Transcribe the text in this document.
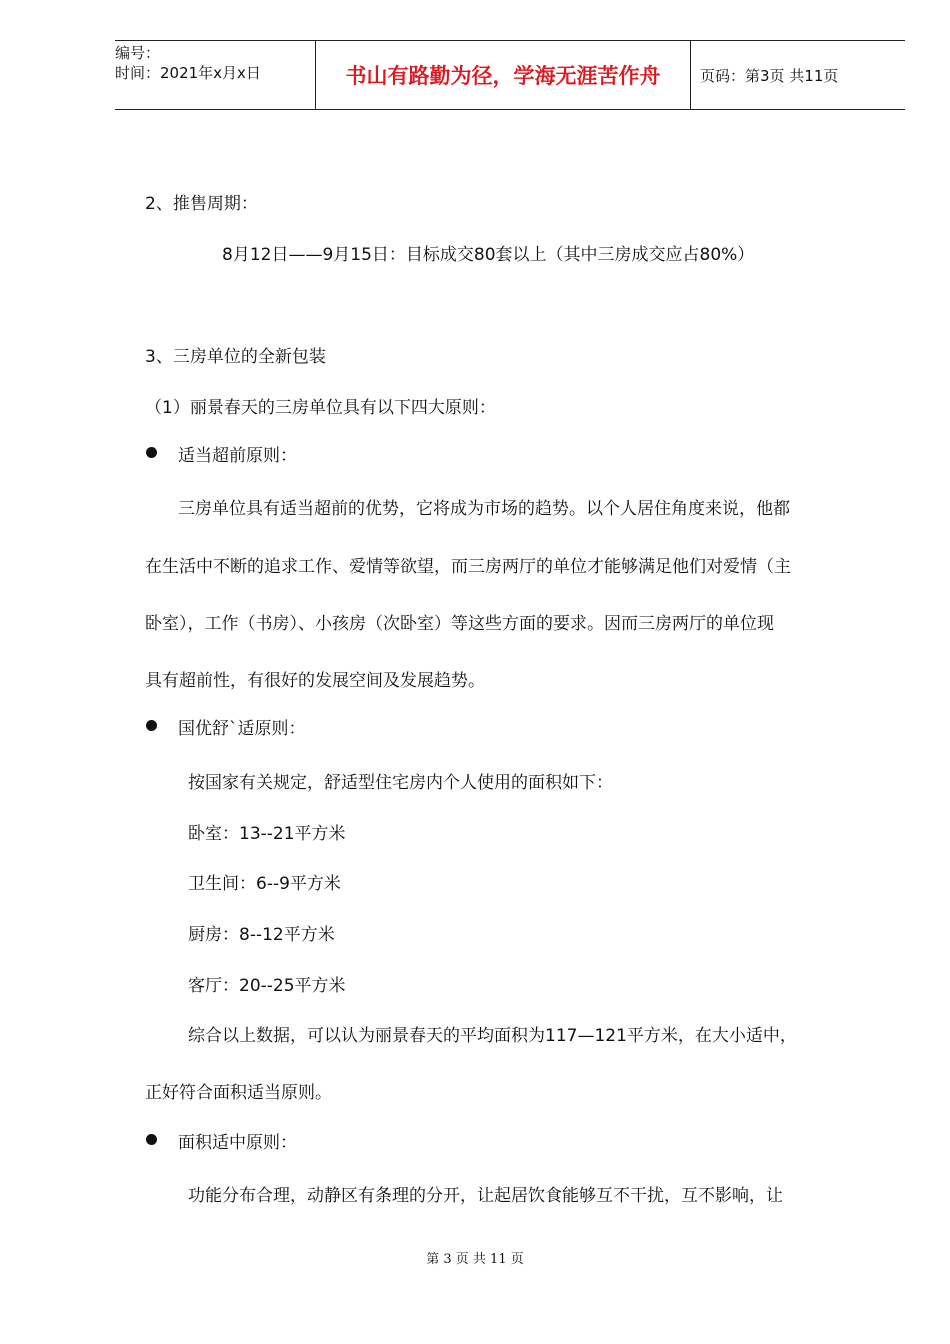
编号：
时间：2021年x月x日	书山有路勤为径，学海无涯苦作舟	页码：第3页 共11页
2、推售周期：
8月12日——9月15日：目标成交80套以上（其中三房成交应占80%）
3、三房单位的全新包装
（1）丽景春天的三房单位具有以下四大原则：
适当超前原则：
三房单位具有适当超前的优势，它将成为市场的趋势。以个人居住角度来说，他都
在生活中不断的追求工作、爱情等欲望，而三房两厅的单位才能够满足他们对爱情（主
卧室），工作（书房）、小孩房（次卧室）等这些方面的要求。因而三房两厅的单位现
具有超前性，有很好的发展空间及发展趋势。
国优舒`适原则：
按国家有关规定，舒适型住宅房内个人使用的面积如下：
卧室：13--21平方米
卫生间：6--9平方米
厨房：8--12平方米
客厅：20--25平方米
综合以上数据，可以认为丽景春天的平均面积为117—121平方米，在大小适中，
正好符合面积适当原则。
面积适中原则：
功能分布合理，动静区有条理的分开，让起居饮食能够互不干扰，互不影响，让
第 3 页 共 11 页
